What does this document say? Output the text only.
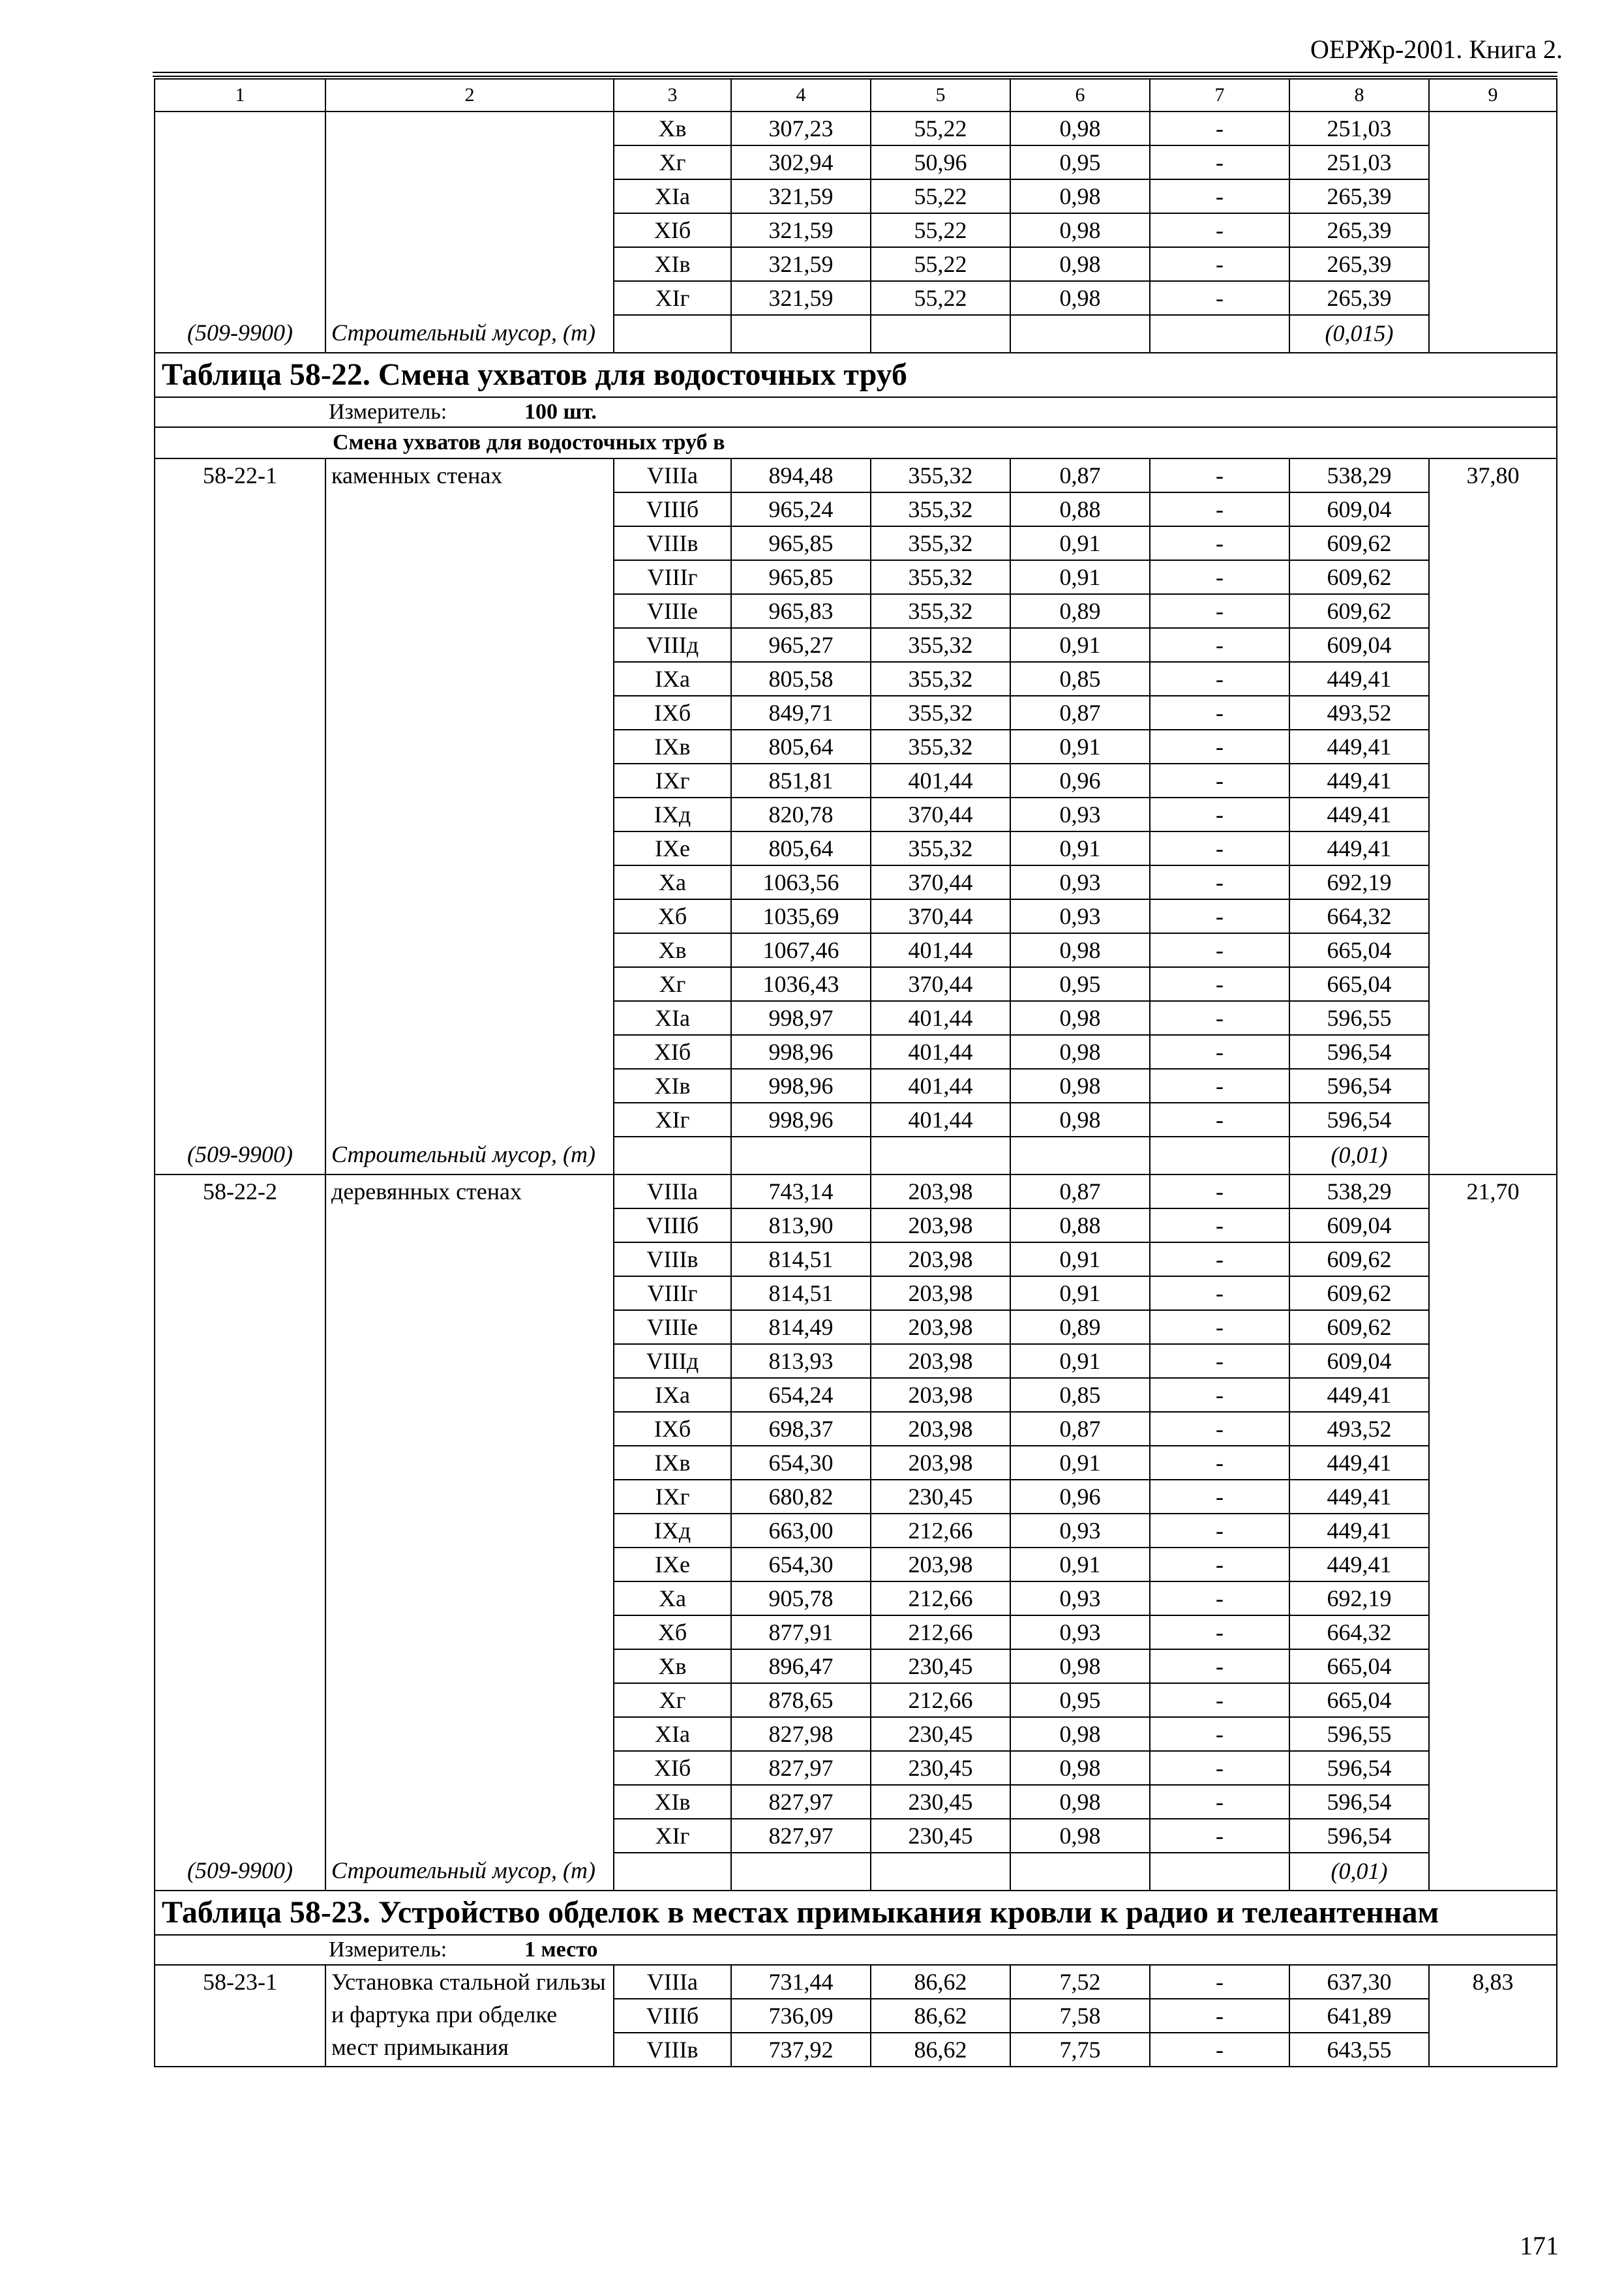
ОЕРЖр-2001. Книга 2.
1	2	3	4	5	6	7	8	9
		Xв	307,23	55,22	0,98	-	251,03	
		Xг	302,94	50,96	0,95	-	251,03	
		XIа	321,59	55,22	0,98	-	265,39	
		XIб	321,59	55,22	0,98	-	265,39	
		XIв	321,59	55,22	0,98	-	265,39	
		XIг	321,59	55,22	0,98	-	265,39	
(509-9900)	Строительный мусор, (т)						(0,015)	
Таблица 58-22. Смена ухватов для водосточных труб								
Измеритель: 100 шт.								
Смена ухватов для водосточных труб в								
58-22-1	каменных стенах	VIIIа	894,48	355,32	0,87	-	538,29	37,80
		VIIIб	965,24	355,32	0,88	-	609,04	
		VIIIв	965,85	355,32	0,91	-	609,62	
		VIIIг	965,85	355,32	0,91	-	609,62	
		VIIIе	965,83	355,32	0,89	-	609,62	
		VIIIд	965,27	355,32	0,91	-	609,04	
		IXа	805,58	355,32	0,85	-	449,41	
		IXб	849,71	355,32	0,87	-	493,52	
		IXв	805,64	355,32	0,91	-	449,41	
		IXг	851,81	401,44	0,96	-	449,41	
		IXд	820,78	370,44	0,93	-	449,41	
		IXе	805,64	355,32	0,91	-	449,41	
		Xа	1063,56	370,44	0,93	-	692,19	
		Xб	1035,69	370,44	0,93	-	664,32	
		Xв	1067,46	401,44	0,98	-	665,04	
		Xг	1036,43	370,44	0,95	-	665,04	
		XIа	998,97	401,44	0,98	-	596,55	
		XIб	998,96	401,44	0,98	-	596,54	
		XIв	998,96	401,44	0,98	-	596,54	
		XIг	998,96	401,44	0,98	-	596,54	
(509-9900)	Строительный мусор, (т)						(0,01)	
58-22-2	деревянных стенах	VIIIа	743,14	203,98	0,87	-	538,29	21,70
		VIIIб	813,90	203,98	0,88	-	609,04	
		VIIIв	814,51	203,98	0,91	-	609,62	
		VIIIг	814,51	203,98	0,91	-	609,62	
		VIIIе	814,49	203,98	0,89	-	609,62	
		VIIIд	813,93	203,98	0,91	-	609,04	
		IXа	654,24	203,98	0,85	-	449,41	
		IXб	698,37	203,98	0,87	-	493,52	
		IXв	654,30	203,98	0,91	-	449,41	
		IXг	680,82	230,45	0,96	-	449,41	
		IXд	663,00	212,66	0,93	-	449,41	
		IXе	654,30	203,98	0,91	-	449,41	
		Xа	905,78	212,66	0,93	-	692,19	
		Xб	877,91	212,66	0,93	-	664,32	
		Xв	896,47	230,45	0,98	-	665,04	
		Xг	878,65	212,66	0,95	-	665,04	
		XIа	827,98	230,45	0,98	-	596,55	
		XIб	827,97	230,45	0,98	-	596,54	
		XIв	827,97	230,45	0,98	-	596,54	
		XIг	827,97	230,45	0,98	-	596,54	
(509-9900)	Строительный мусор, (т)						(0,01)	
Таблица 58-23. Устройство обделок в местах примыкания кровли к радио и телеантеннам								
Измеритель: 1 место								
58-23-1	Установка стальной гильзы и фартука при обделке мест примыкания	VIIIа	731,44	86,62	7,52	-	637,30	8,83
		VIIIб	736,09	86,62	7,58	-	641,89	
		VIIIв	737,92	86,62	7,75	-	643,55	
171
